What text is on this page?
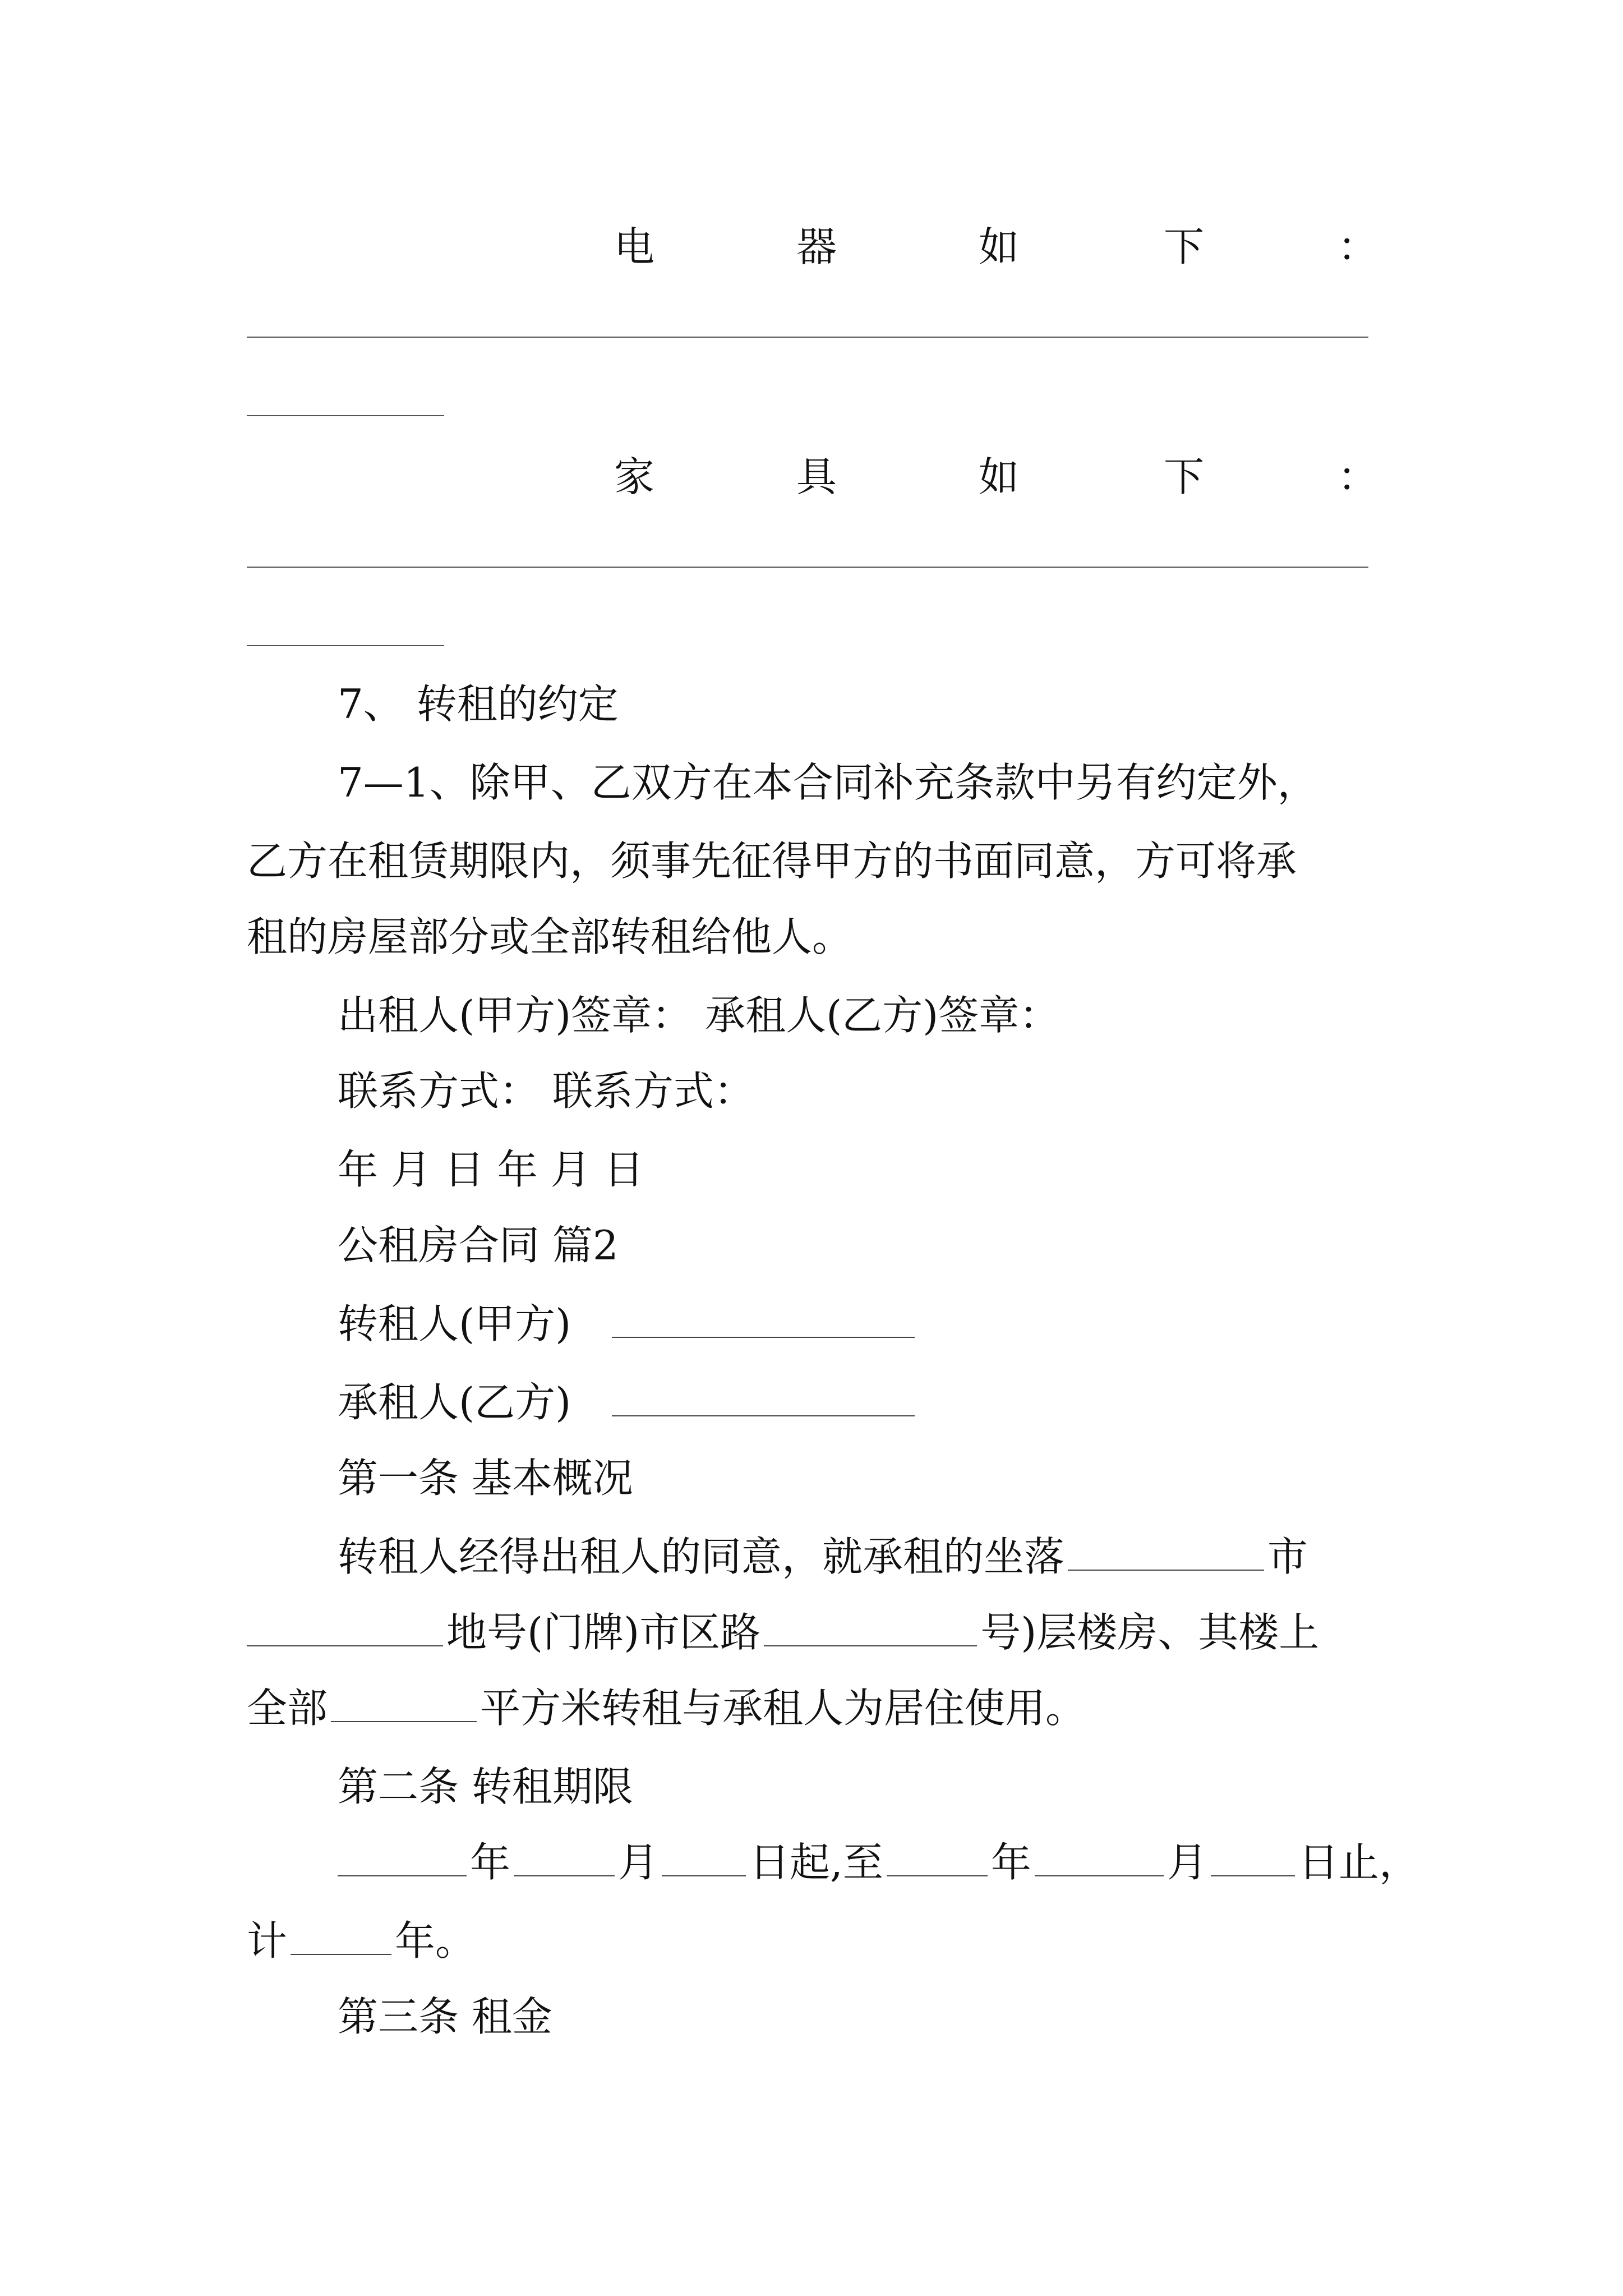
电	器	如	下	：
家	具	如	下	：
7、 转租的约定
7—1、除甲、乙双方在本合同补充条款中另有约定外，
乙方在租赁期限内，须事先征得甲方的书面同意，方可将承
租的房屋部分或全部转租给他人。
出租人(甲方)签章： 承租人(乙方)签章：
联系方式： 联系方式：
年 月 日 年 月 日
公租房合同 篇2
转租人(甲方)
承租人(乙方)
第一条 基本概况
转租人经得出租人的同意，就承租的坐落	市
地号(门牌)市区路	号)层楼房、其楼上
全部	平方米转租与承租人为居住使用。
第二条 转租期限
年	月 日起,至	年	月 日止，
计	年。
第三条 租金
